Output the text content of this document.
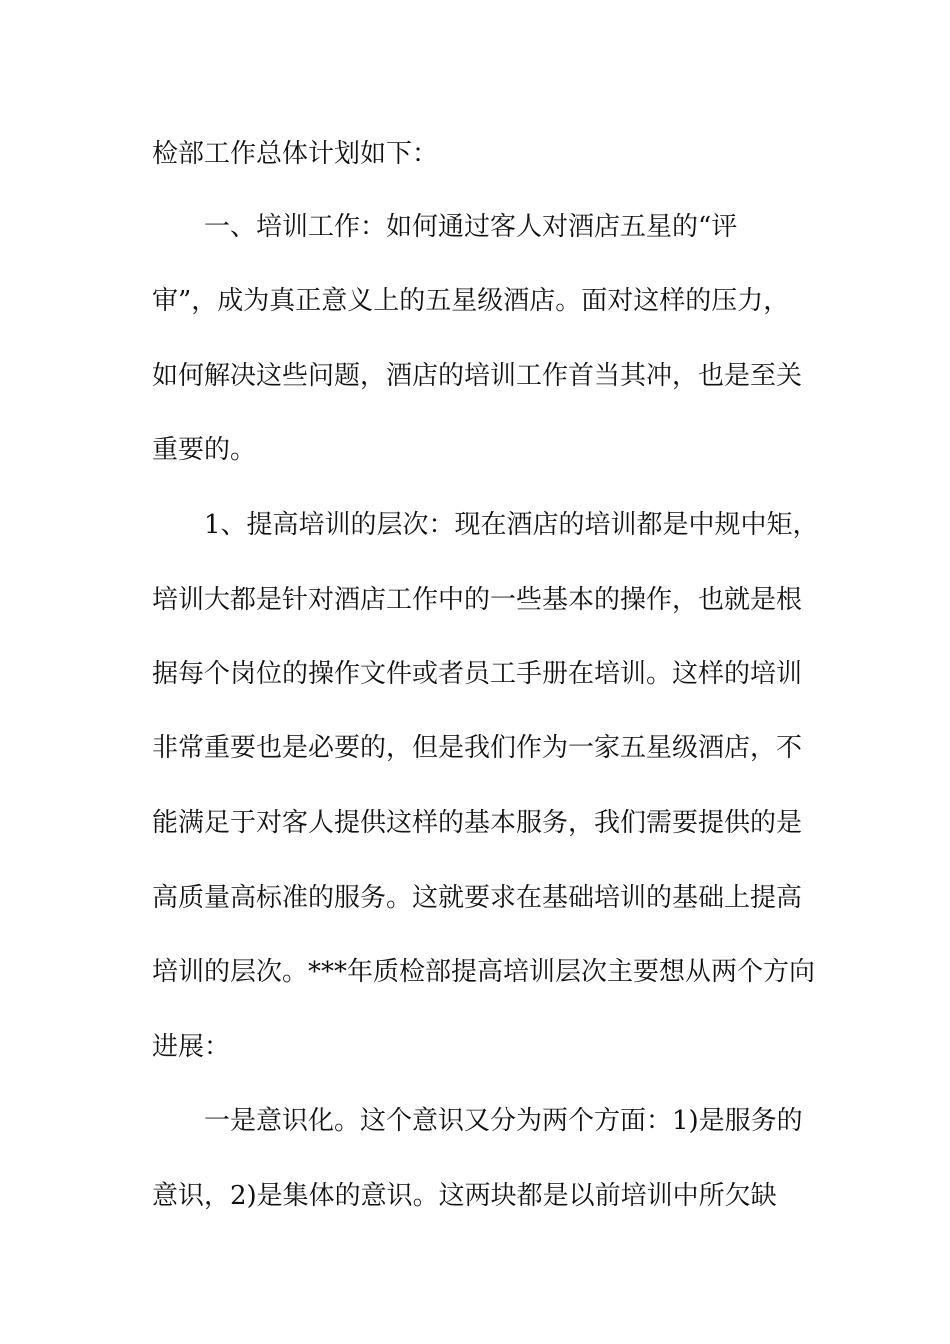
检部工作总体计划如下：
一、培训工作：如何通过客人对酒店五星的“评
审”，成为真正意义上的五星级酒店。面对这样的压力，
如何解决这些问题，酒店的培训工作首当其冲，也是至关
重要的。
1、提高培训的层次：现在酒店的培训都是中规中矩，
培训大都是针对酒店工作中的一些基本的操作，也就是根
据每个岗位的操作文件或者员工手册在培训。这样的培训
非常重要也是必要的，但是我们作为一家五星级酒店，不
能满足于对客人提供这样的基本服务，我们需要提供的是
高质量高标准的服务。这就要求在基础培训的基础上提高
培训的层次。***年质检部提高培训层次主要想从两个方向
进展：
一是意识化。这个意识又分为两个方面：1)是服务的
意识，2)是集体的意识。这两块都是以前培训中所欠缺
